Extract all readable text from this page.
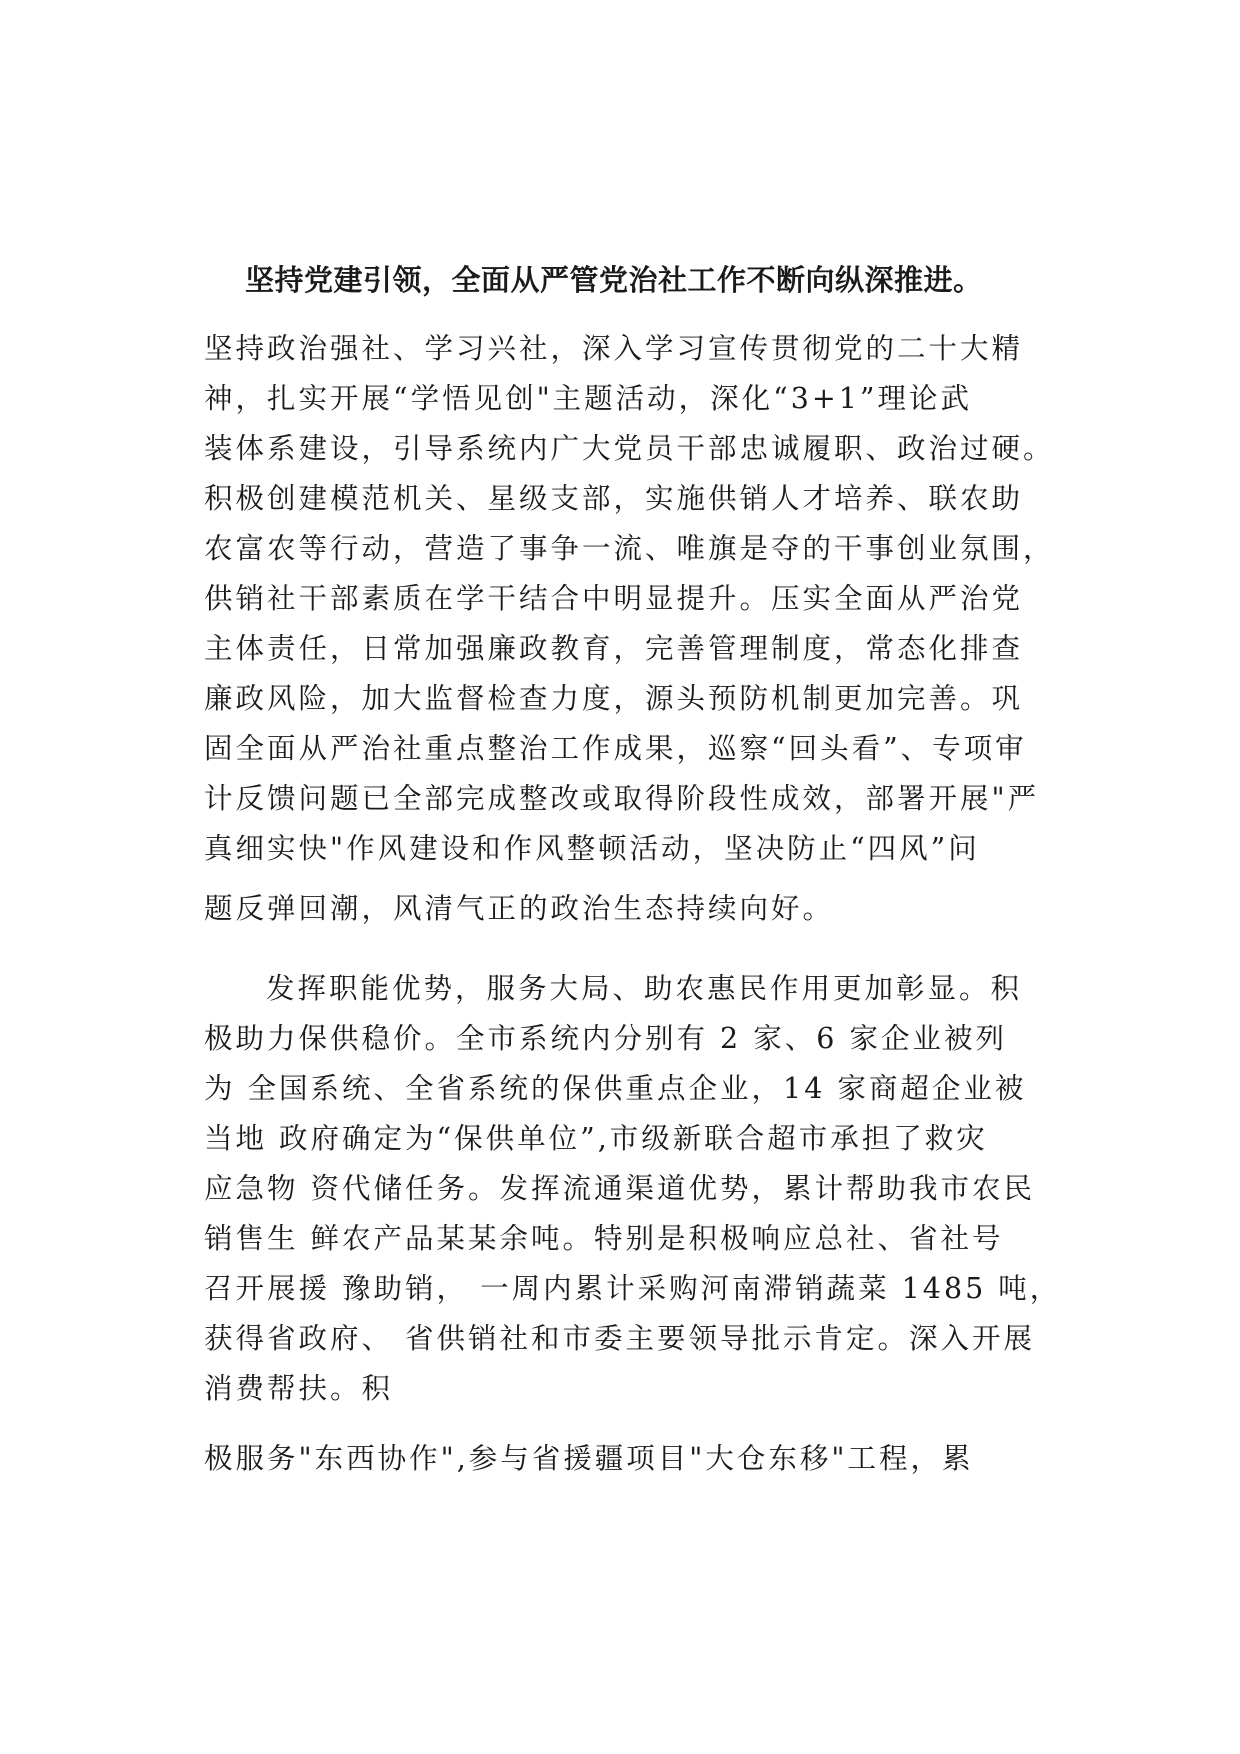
坚持党建引领，全面从严管党治社工作不断向纵深推进。
坚持政治强社、学习兴社，深入学习宣传贯彻党的二十大精
神，扎实开展“学悟见创"主题活动，深化“3+1”理论武
装体系建设，引导系统内广大党员干部忠诚履职、政治过硬。
积极创建模范机关、星级支部，实施供销人才培养、联农助
农富农等行动，营造了事争一流、唯旗是夺的干事创业氛围，
供销社干部素质在学干结合中明显提升。压实全面从严治党
主体责任，日常加强廉政教育，完善管理制度，常态化排查
廉政风险，加大监督检查力度，源头预防机制更加完善。巩
固全面从严治社重点整治工作成果，巡察“回头看”、专项审
计反馈问题已全部完成整改或取得阶段性成效，部署开展"严
真细实快"作风建设和作风整顿活动，坚决防止“四风”问
题反弹回潮，风清气正的政治生态持续向好。
发挥职能优势，服务大局、助农惠民作用更加彰显。积
极助力保供稳价。全市系统内分别有 2 家、6 家企业被列
为 全国系统、全省系统的保供重点企业，14 家商超企业被
当地 政府确定为“保供单位”,市级新联合超市承担了救灾
应急物 资代储任务。发挥流通渠道优势，累计帮助我市农民
销售生 鲜农产品某某余吨。特别是积极响应总社、省社号
召开展援 豫助销， 一周内累计采购河南滞销蔬菜 1485 吨，
获得省政府、 省供销社和市委主要领导批示肯定。深入开展
消费帮扶。积
极服务"东西协作",参与省援疆项目"大仓东移"工程，累
